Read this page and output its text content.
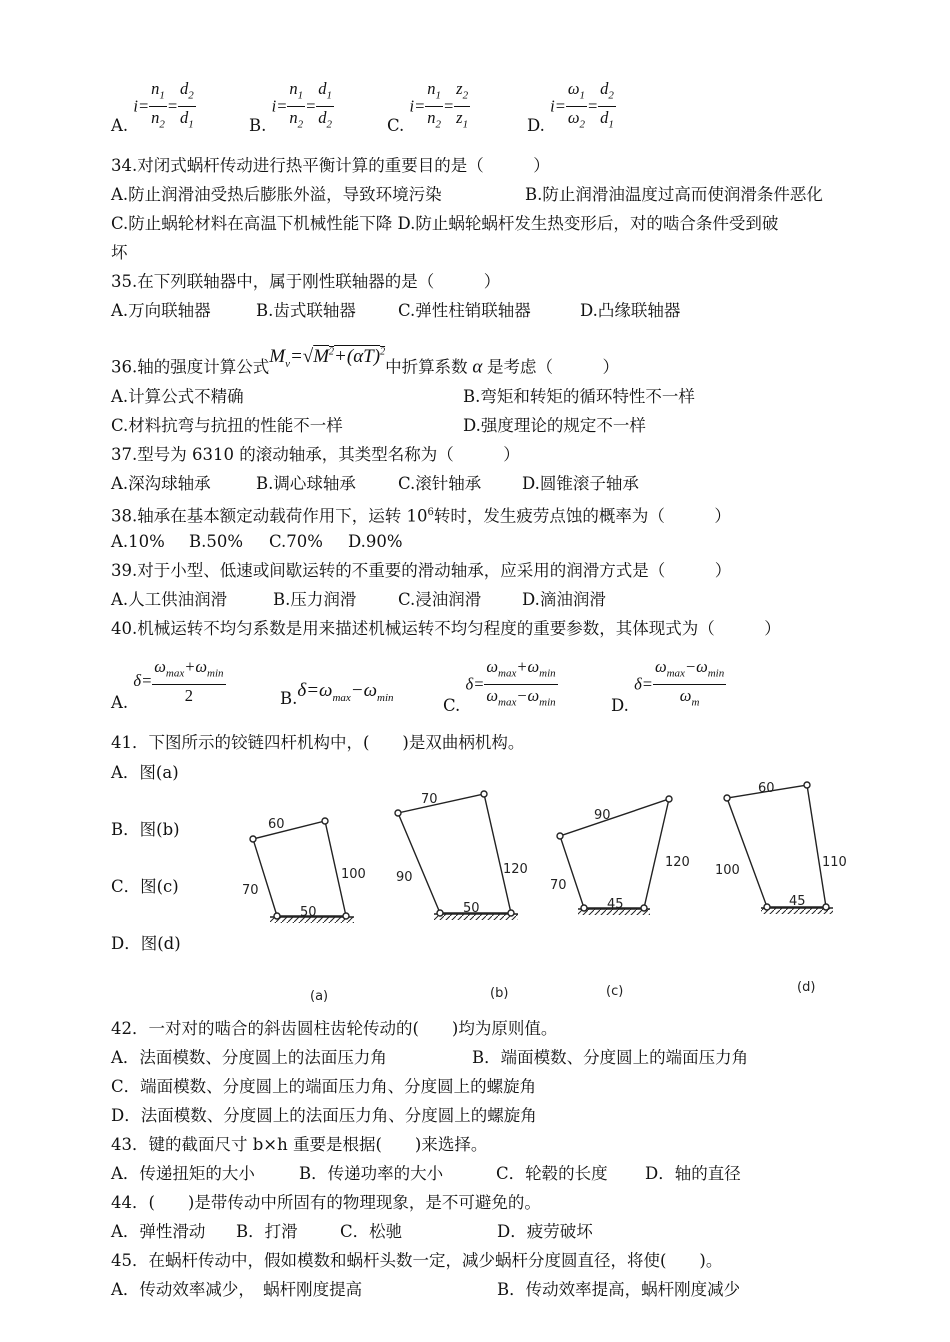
A. $i= \frac{n_1}{n_2} = \frac{d_2}{d_1}$	B. $i= \frac{n_1}{n_2} = \frac{d_1}{d_2}$	C. $i= \frac{n_1}{n_2} = \frac{z_2}{z_1}$	D. $i= \frac{\omega_1}{\omega_2} = \frac{d_2}{d_1}$
34.对闭式蜗杆传动进行热平衡计算的重要目的是（　　　）
A.防止润滑油受热后膨胀外溢，导致环境污染	B.防止润滑油温度过高而使润滑条件恶化
C.防止蜗轮材料在高温下机械性能下降 D.防止蜗轮蜗杆发生热变形后，对的啮合条件受到破
坏
35.在下列联轴器中，属于刚性联轴器的是（　　　）
A.万向联轴器	B.齿式联轴器	C.弹性柱销联轴器	D.凸缘联轴器
36.轴的强度计算公式$M_v=√M^2+(\alpha T)^2$中折算系数 α 是考虑（　　　）
A.计算公式不精确	B.弯矩和转矩的循环特性不一样
C.材料抗弯与抗扭的性能不一样	D.强度理论的规定不一样
37.型号为 6310 的滚动轴承，其类型名称为（　　　）
A.深沟球轴承	B.调心球轴承	C.滚针轴承 D.圆锥滚子轴承
38.轴承在基本额定动载荷作用下，运转 $10^6$转时，发生疲劳点蚀的概率为（　　　）
A.10% B.50% C.70% D.90%
39.对于小型、低速或间歇运转的不重要的滑动轴承，应采用的润滑方式是（　　　）
A.人工供油润滑	B.压力润滑	C.浸油润滑 D.滴油润滑
40.机械运转不均匀系数是用来描述机械运转不均匀程度的重要参数，其体现式为（　　　）
A. $\delta= \frac{\omega_{max}+\omega_{min}}{2}$	$B.\delta=\omega_{max}-\omega_{min}$	C. $\delta= \frac{\omega_{max}+\omega_{min}}{\omega_{max}-\omega_{min}}$	D. $\delta= \frac{\omega_{max}-\omega_{min}}{\omega_m}$
41．下图所示的铰链四杆机构中，(　　)是双曲柄机构。
A．图(a)
B．图(b)
C．图(c)
D．图(d)
60
70
100
50
70
90
120
50
90
70
120
45
60
100
110
45
(a)	(b)	(c)	(d)
42．一对对的啮合的斜齿圆柱齿轮传动的(　　)均为原则值。
A．法面模数、分度圆上的法面压力角	B．端面模数、分度圆上的端面压力角
C．端面模数、分度圆上的端面压力角、分度圆上的螺旋角
D．法面模数、分度圆上的法面压力角、分度圆上的螺旋角
43．键的截面尺寸 b×h 重要是根据(　　)来选择。
A．传递扭矩的大小	B．传递功率的大小	C．轮毂的长度 D．轴的直径
44．(　　)是带传动中所固有的物理现象，是不可避免的。
A．弹性滑动 B．打滑	C．松驰	D．疲劳破坏
45．在蜗杆传动中，假如模数和蜗杆头数一定，减少蜗杆分度圆直径，将使(　　)。
A．传动效率减少，　蜗杆刚度提高	B．传动效率提高，蜗杆刚度减少
